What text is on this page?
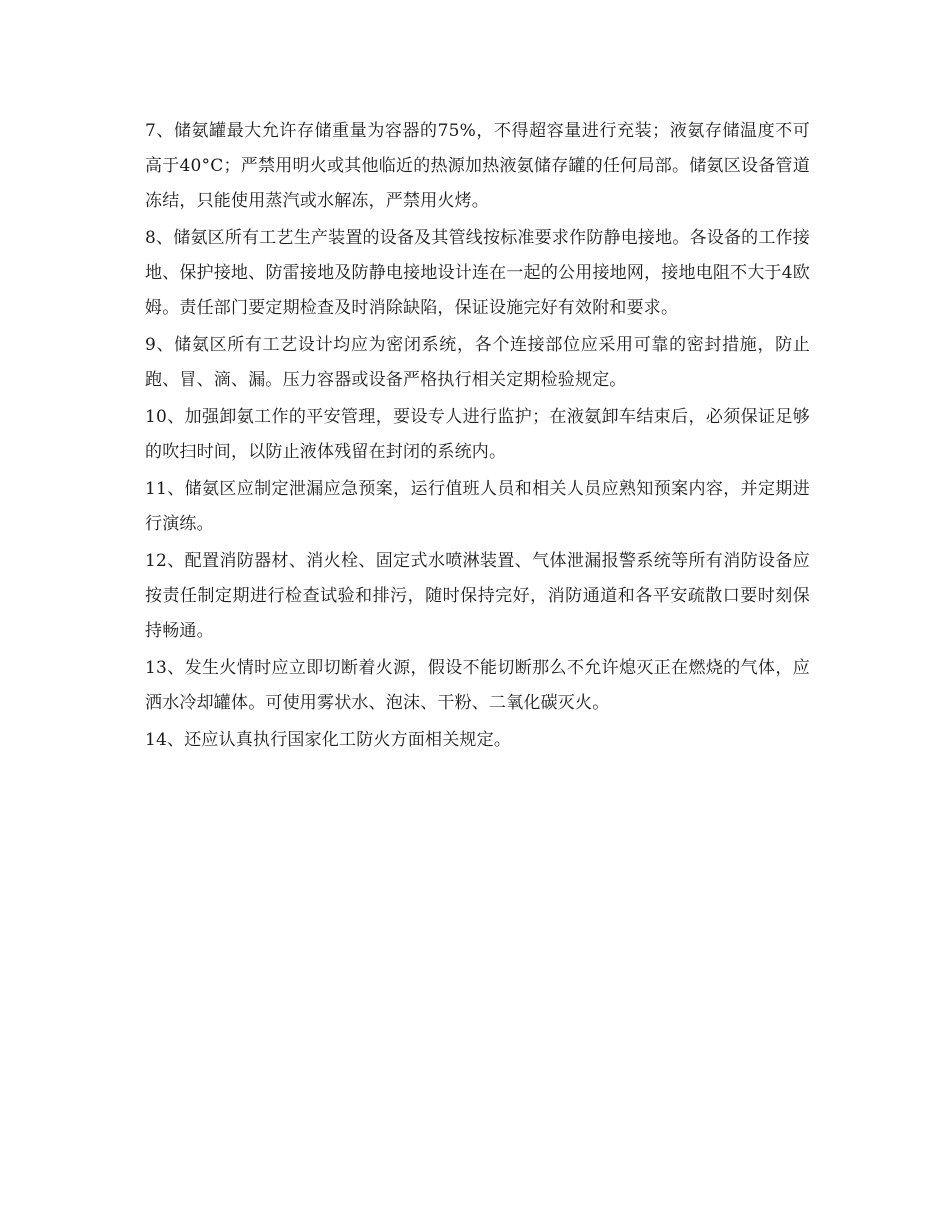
7、储氨罐最大允许存储重量为容器的75%，不得超容量进行充装；液氨存储温度不可高于40°C；严禁用明火或其他临近的热源加热液氨储存罐的任何局部。储氨区设备管道冻结，只能使用蒸汽或水解冻，严禁用火烤。

8、储氨区所有工艺生产装置的设备及其管线按标准要求作防静电接地。各设备的工作接地、保护接地、防雷接地及防静电接地设计连在一起的公用接地网，接地电阻不大于4欧姆。责任部门要定期检查及时消除缺陷，保证设施完好有效附和要求。

9、储氨区所有工艺设计均应为密闭系统，各个连接部位应采用可靠的密封措施，防止跑、冒、滴、漏。压力容器或设备严格执行相关定期检验规定。

10、加强卸氨工作的平安管理，要设专人进行监护；在液氨卸车结束后，必须保证足够的吹扫时间，以防止液体残留在封闭的系统内。

11、储氨区应制定泄漏应急预案，运行值班人员和相关人员应熟知预案内容，并定期进行演练。

12、配置消防器材、消火栓、固定式水喷淋装置、气体泄漏报警系统等所有消防设备应按责任制定期进行检查试验和排污，随时保持完好，消防通道和各平安疏散口要时刻保持畅通。

13、发生火情时应立即切断着火源，假设不能切断那么不允许熄灭正在燃烧的气体，应洒水冷却罐体。可使用雾状水、泡沫、干粉、二氧化碳灭火。

14、还应认真执行国家化工防火方面相关规定。
